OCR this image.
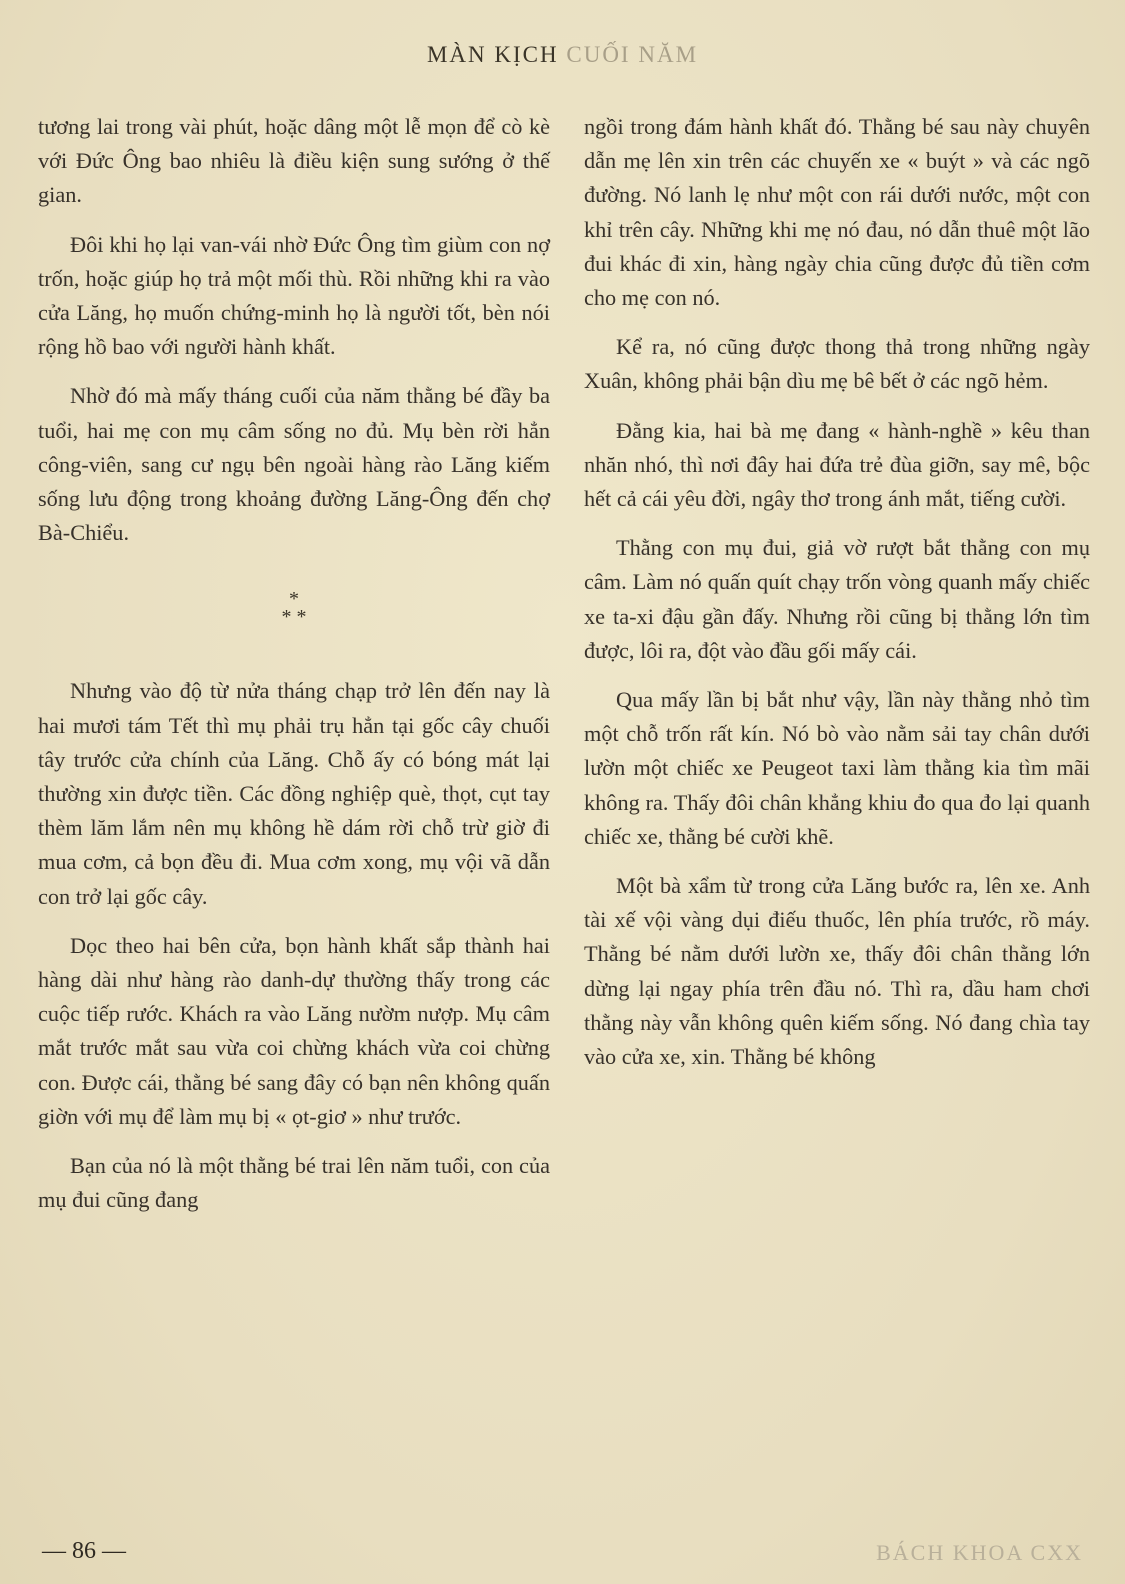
MÀN KỊCH CUỐI NĂM

tương lai trong vài phút, hoặc dâng một lễ mọn để cò kè với Đức Ông bao nhiêu là điều kiện sung sướng ở thế gian.

Đôi khi họ lại van-vái nhờ Đức Ông tìm giùm con nợ trốn, hoặc giúp họ trả một mối thù. Rồi những khi ra vào cửa Lăng, họ muốn chứng-minh họ là người tốt, bèn nói rộng hồ bao với người hành khất.

Nhờ đó mà mấy tháng cuối của năm thằng bé đầy ba tuổi, hai mẹ con mụ câm sống no đủ. Mụ bèn rời hẳn công-viên, sang cư ngụ bên ngoài hàng rào Lăng kiếm sống lưu động trong khoảng đường Lăng-Ông đến chợ Bà-Chiểu.

*
* *

Nhưng vào độ từ nửa tháng chạp trở lên đến nay là hai mươi tám Tết thì mụ phải trụ hẳn tại gốc cây chuối tây trước cửa chính của Lăng. Chỗ ấy có bóng mát lại thường xin được tiền. Các đồng nghiệp què, thọt, cụt tay thèm lăm lắm nên mụ không hề dám rời chỗ trừ giờ đi mua cơm, cả bọn đều đi. Mua cơm xong, mụ vội vã dẫn con trở lại gốc cây.

Dọc theo hai bên cửa, bọn hành khất sắp thành hai hàng dài như hàng rào danh-dự thường thấy trong các cuộc tiếp rước. Khách ra vào Lăng nườm nượp. Mụ câm mắt trước mắt sau vừa coi chừng khách vừa coi chừng con. Được cái, thằng bé sang đây có bạn nên không quấn giờn với mụ để làm mụ bị « ọt-giơ » như trước.

Bạn của nó là một thằng bé trai lên năm tuổi, con của mụ đui cũng đang

ngồi trong đám hành khất đó. Thằng bé sau này chuyên dẫn mẹ lên xin trên các chuyến xe « buýt » và các ngõ đường. Nó lanh lẹ như một con rái dưới nước, một con khỉ trên cây. Những khi mẹ nó đau, nó dẫn thuê một lão đui khác đi xin, hàng ngày chia cũng được đủ tiền cơm cho mẹ con nó.

Kể ra, nó cũng được thong thả trong những ngày Xuân, không phải bận dìu mẹ bê bết ở các ngõ hẻm.

Đằng kia, hai bà mẹ đang « hành-nghề » kêu than nhăn nhó, thì nơi đây hai đứa trẻ đùa giỡn, say mê, bộc hết cả cái yêu đời, ngây thơ trong ánh mắt, tiếng cười.

Thằng con mụ đui, giả vờ rượt bắt thằng con mụ câm. Làm nó quấn quít chạy trốn vòng quanh mấy chiếc xe ta-xi đậu gần đấy. Nhưng rồi cũng bị thằng lớn tìm được, lôi ra, đột vào đầu gối mấy cái.

Qua mấy lần bị bắt như vậy, lần này thằng nhỏ tìm một chỗ trốn rất kín. Nó bò vào nằm sải tay chân dưới lườn một chiếc xe Peugeot taxi làm thằng kia tìm mãi không ra. Thấy đôi chân khẳng khiu đo qua đo lại quanh chiếc xe, thằng bé cười khẽ.

Một bà xẩm từ trong cửa Lăng bước ra, lên xe. Anh tài xế vội vàng dụi điếu thuốc, lên phía trước, rồ máy. Thằng bé nằm dưới lườn xe, thấy đôi chân thằng lớn dừng lại ngay phía trên đầu nó. Thì ra, dầu ham chơi thằng này vẫn không quên kiếm sống. Nó đang chìa tay vào cửa xe, xin. Thằng bé không

— 86 —	BÁCH KHOA CXX
